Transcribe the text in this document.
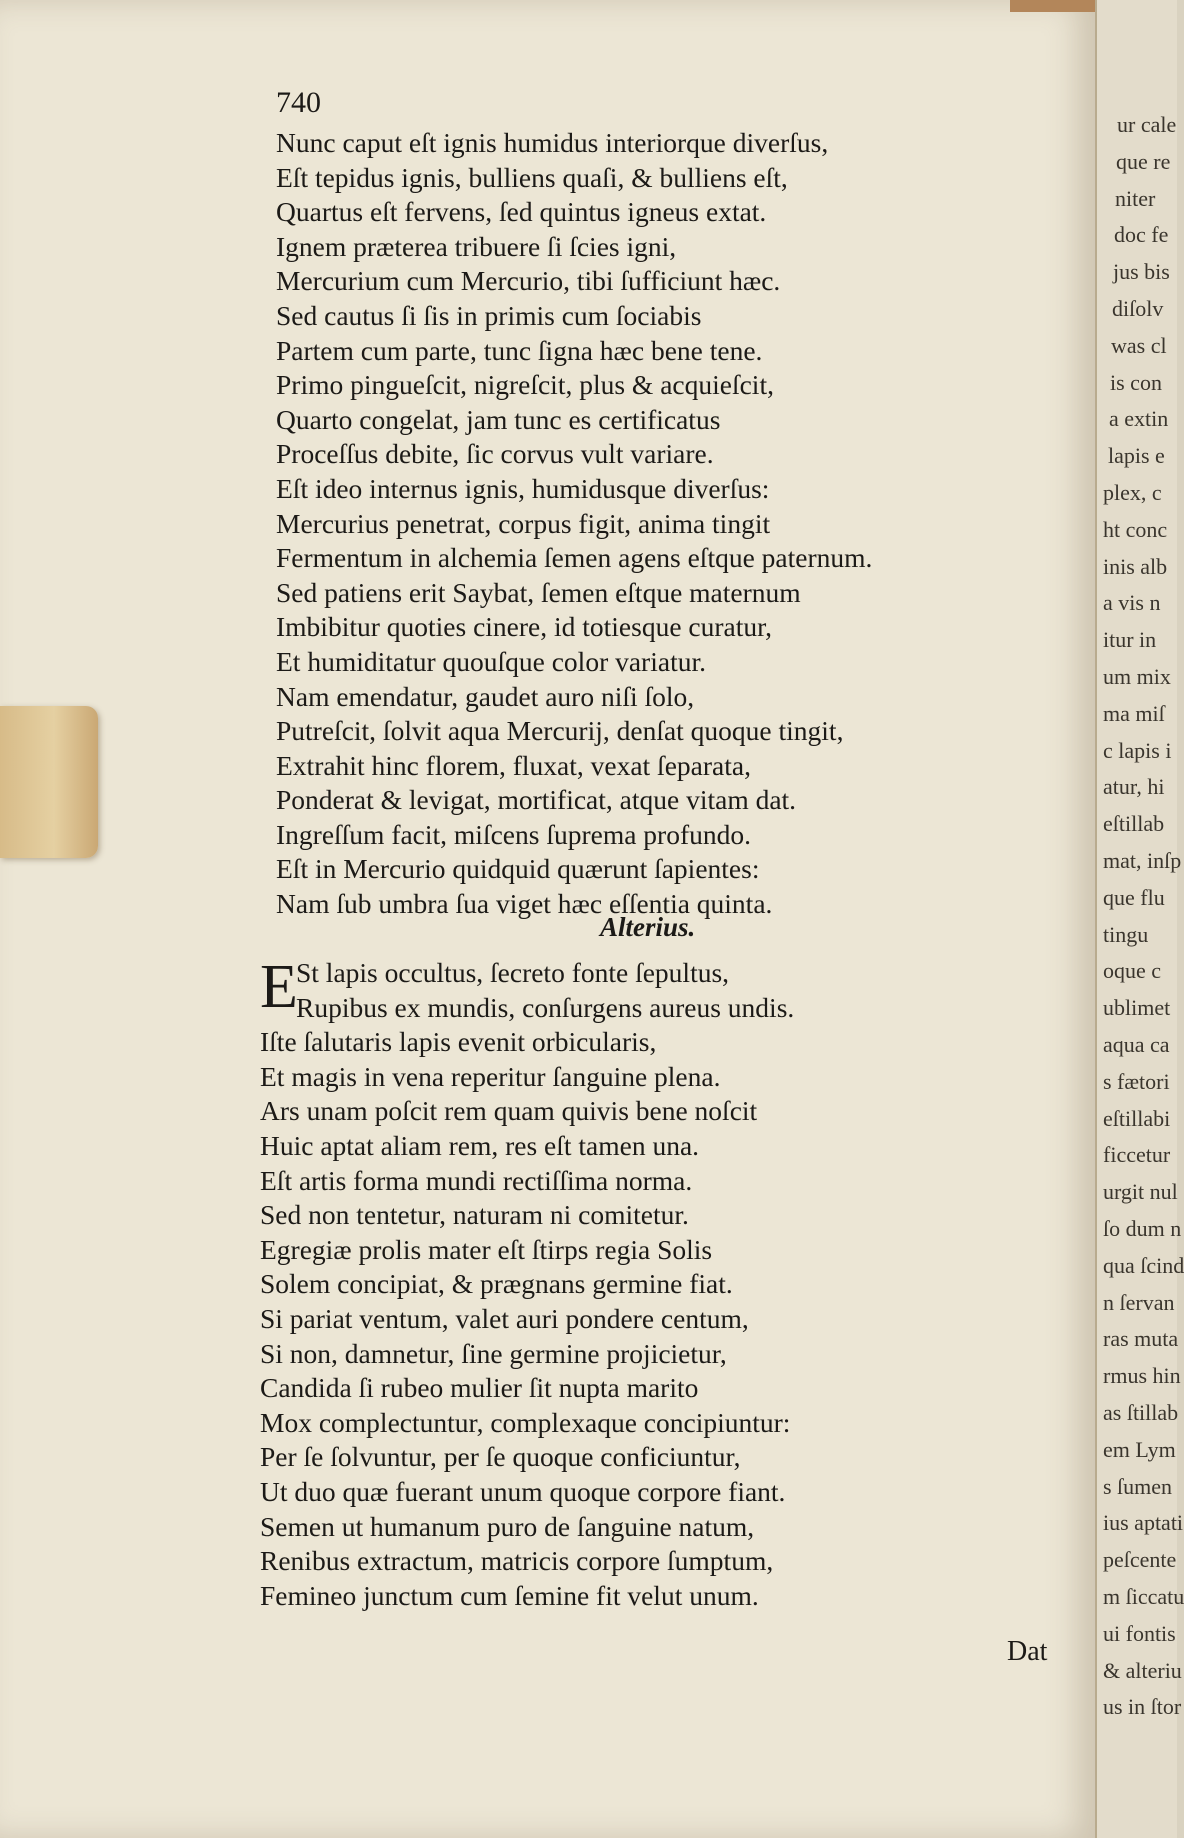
ur cale
que re
niter
doc fe
jus bis
diſolv
was cl
is con
a extin
lapis e
plex, c
ht conc
inis alb
a vis n
itur in
um mix
ma miſ
c lapis i
atur, hi
eſtillab
mat, inſp
que flu
tingu
oque c
ublimet
aqua ca
s fætori
eſtillabi
ficcetur
urgit nul
ſo dum n
qua ſcind
n ſervan
ras muta
rmus hin
as ſtillab
em Lym
s ſumen
ius aptati
peſcente
m ſiccatu
ui fontis
& alteriu
us in ſtor
740
Nunc caput eſt ignis humidus interiorque diverſus,
Eſt tepidus ignis, bulliens quaſi, & bulliens eſt,
Quartus eſt fervens, ſed quintus igneus extat.
Ignem præterea tribuere ſi ſcies igni,
Mercurium cum Mercurio, tibi ſufficiunt hæc.
Sed cautus ſi ſis in primis cum ſociabis
Partem cum parte, tunc ſigna hæc bene tene.
Primo pingueſcit, nigreſcit, plus & acquieſcit,
Quarto congelat, jam tunc es certificatus
Proceſſus debite, ſic corvus vult variare.
Eſt ideo internus ignis, humidusque diverſus:
Mercurius penetrat, corpus figit, anima tingit
Fermentum in alchemia ſemen agens eſtque paternum.
Sed patiens erit Saybat, ſemen eſtque maternum
Imbibitur quoties cinere, id totiesque curatur,
Et humiditatur quouſque color variatur.
Nam emendatur, gaudet auro niſi ſolo,
Putreſcit, ſolvit aqua Mercurij, denſat quoque tingit,
Extrahit hinc florem, fluxat, vexat ſeparata,
Ponderat & levigat, mortificat, atque vitam dat.
Ingreſſum facit, miſcens ſuprema profundo.
Eſt in Mercurio quidquid quærunt ſapientes:
Nam ſub umbra ſua viget hæc eſſentia quinta.
Alterius.
E
St lapis occultus, ſecreto fonte ſepultus,
Rupibus ex mundis, conſurgens aureus undis.
Iſte ſalutaris lapis evenit orbicularis,
Et magis in vena reperitur ſanguine plena.
Ars unam poſcit rem quam quivis bene noſcit
Huic aptat aliam rem, res eſt tamen una.
Eſt artis forma mundi rectiſſima norma.
Sed non tentetur, naturam ni comitetur.
Egregiæ prolis mater eſt ſtirps regia Solis
Solem concipiat, & prægnans germine fiat.
Si pariat ventum, valet auri pondere centum,
Si non, damnetur, ſine germine projicietur,
Candida ſi rubeo mulier ſit nupta marito
Mox complectuntur, complexaque concipiuntur:
Per ſe ſolvuntur, per ſe quoque conficiuntur,
Ut duo quæ fuerant unum quoque corpore fiant.
Semen ut humanum puro de ſanguine natum,
Renibus extractum, matricis corpore ſumptum,
Femineo junctum cum ſemine fit velut unum.
Dat
